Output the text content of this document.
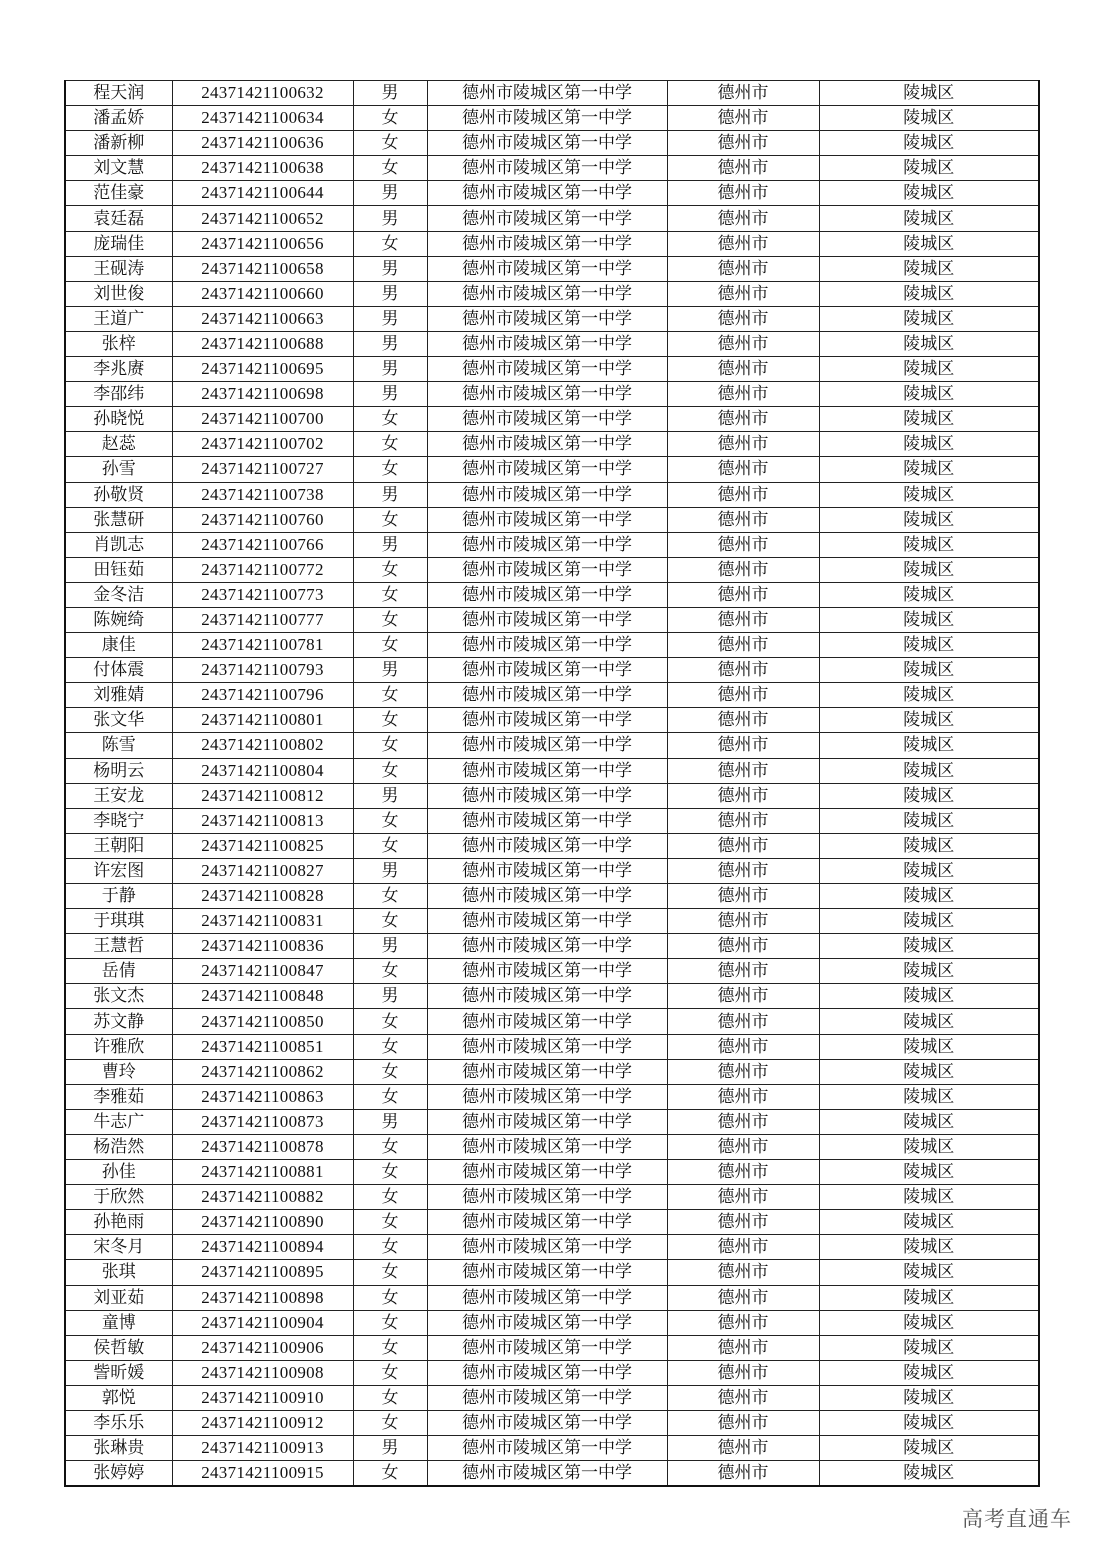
程天润	24371421100632	男	德州市陵城区第一中学	德州市	陵城区
潘孟娇	24371421100634	女	德州市陵城区第一中学	德州市	陵城区
潘新柳	24371421100636	女	德州市陵城区第一中学	德州市	陵城区
刘文慧	24371421100638	女	德州市陵城区第一中学	德州市	陵城区
范佳豪	24371421100644	男	德州市陵城区第一中学	德州市	陵城区
袁廷磊	24371421100652	男	德州市陵城区第一中学	德州市	陵城区
庞瑞佳	24371421100656	女	德州市陵城区第一中学	德州市	陵城区
王砚涛	24371421100658	男	德州市陵城区第一中学	德州市	陵城区
刘世俊	24371421100660	男	德州市陵城区第一中学	德州市	陵城区
王道广	24371421100663	男	德州市陵城区第一中学	德州市	陵城区
张梓	24371421100688	男	德州市陵城区第一中学	德州市	陵城区
李兆赓	24371421100695	男	德州市陵城区第一中学	德州市	陵城区
李邵纬	24371421100698	男	德州市陵城区第一中学	德州市	陵城区
孙晓悦	24371421100700	女	德州市陵城区第一中学	德州市	陵城区
赵蕊	24371421100702	女	德州市陵城区第一中学	德州市	陵城区
孙雪	24371421100727	女	德州市陵城区第一中学	德州市	陵城区
孙敬贤	24371421100738	男	德州市陵城区第一中学	德州市	陵城区
张慧研	24371421100760	女	德州市陵城区第一中学	德州市	陵城区
肖凯志	24371421100766	男	德州市陵城区第一中学	德州市	陵城区
田钰茹	24371421100772	女	德州市陵城区第一中学	德州市	陵城区
金冬洁	24371421100773	女	德州市陵城区第一中学	德州市	陵城区
陈婉绮	24371421100777	女	德州市陵城区第一中学	德州市	陵城区
康佳	24371421100781	女	德州市陵城区第一中学	德州市	陵城区
付体震	24371421100793	男	德州市陵城区第一中学	德州市	陵城区
刘雅婧	24371421100796	女	德州市陵城区第一中学	德州市	陵城区
张文华	24371421100801	女	德州市陵城区第一中学	德州市	陵城区
陈雪	24371421100802	女	德州市陵城区第一中学	德州市	陵城区
杨明云	24371421100804	女	德州市陵城区第一中学	德州市	陵城区
王安龙	24371421100812	男	德州市陵城区第一中学	德州市	陵城区
李晓宁	24371421100813	女	德州市陵城区第一中学	德州市	陵城区
王朝阳	24371421100825	女	德州市陵城区第一中学	德州市	陵城区
许宏图	24371421100827	男	德州市陵城区第一中学	德州市	陵城区
于静	24371421100828	女	德州市陵城区第一中学	德州市	陵城区
于琪琪	24371421100831	女	德州市陵城区第一中学	德州市	陵城区
王慧哲	24371421100836	男	德州市陵城区第一中学	德州市	陵城区
岳倩	24371421100847	女	德州市陵城区第一中学	德州市	陵城区
张文杰	24371421100848	男	德州市陵城区第一中学	德州市	陵城区
苏文静	24371421100850	女	德州市陵城区第一中学	德州市	陵城区
许雅欣	24371421100851	女	德州市陵城区第一中学	德州市	陵城区
曹玲	24371421100862	女	德州市陵城区第一中学	德州市	陵城区
李雅茹	24371421100863	女	德州市陵城区第一中学	德州市	陵城区
牛志广	24371421100873	男	德州市陵城区第一中学	德州市	陵城区
杨浩然	24371421100878	女	德州市陵城区第一中学	德州市	陵城区
孙佳	24371421100881	女	德州市陵城区第一中学	德州市	陵城区
于欣然	24371421100882	女	德州市陵城区第一中学	德州市	陵城区
孙艳雨	24371421100890	女	德州市陵城区第一中学	德州市	陵城区
宋冬月	24371421100894	女	德州市陵城区第一中学	德州市	陵城区
张琪	24371421100895	女	德州市陵城区第一中学	德州市	陵城区
刘亚茹	24371421100898	女	德州市陵城区第一中学	德州市	陵城区
童博	24371421100904	女	德州市陵城区第一中学	德州市	陵城区
侯哲敏	24371421100906	女	德州市陵城区第一中学	德州市	陵城区
訾昕媛	24371421100908	女	德州市陵城区第一中学	德州市	陵城区
郭悦	24371421100910	女	德州市陵城区第一中学	德州市	陵城区
李乐乐	24371421100912	女	德州市陵城区第一中学	德州市	陵城区
张琳贵	24371421100913	男	德州市陵城区第一中学	德州市	陵城区
张婷婷	24371421100915	女	德州市陵城区第一中学	德州市	陵城区
高考直通车
